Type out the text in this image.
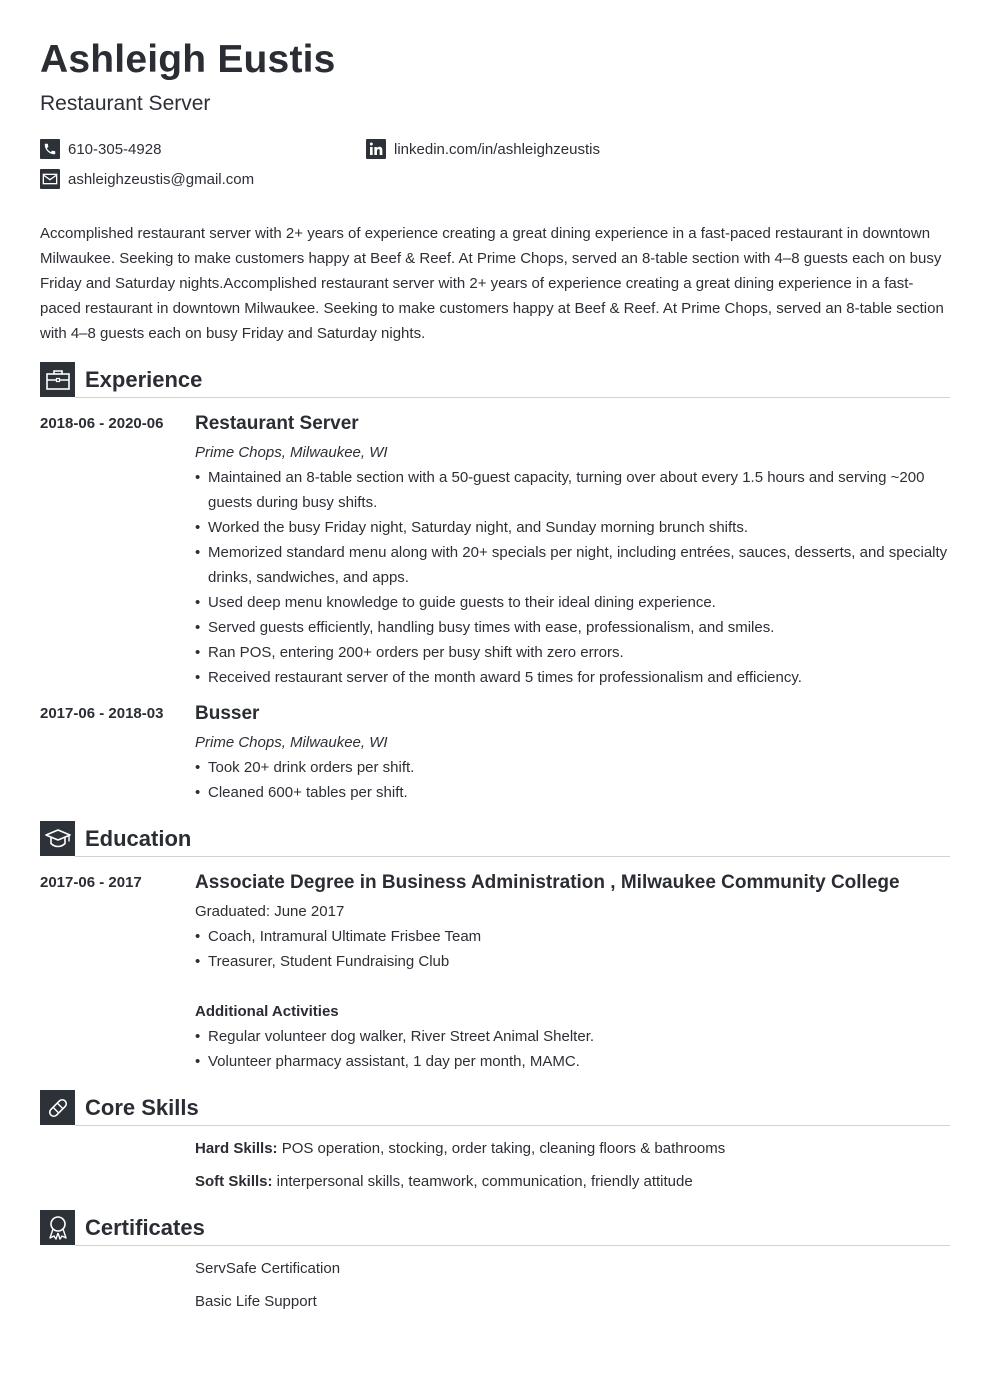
Ashleigh Eustis
Restaurant Server
610-305-4928	linkedin.com/in/ashleighzeustis
ashleighzeustis@gmail.com
Accomplished restaurant server with 2+ years of experience creating a great dining experience in a fast-paced restaurant in downtown Milwaukee. Seeking to make customers happy at Beef & Reef. At Prime Chops, served an 8-table section with 4–8 guests each on busy Friday and Saturday nights.Accomplished restaurant server with 2+ years of experience creating a great dining experience in a fast-paced restaurant in downtown Milwaukee. Seeking to make customers happy at Beef & Reef. At Prime Chops, served an 8-table section with 4–8 guests each on busy Friday and Saturday nights.
Experience
2018-06 - 2020-06 Restaurant Server
Prime Chops, Milwaukee, WI
• Maintained an 8-table section with a 50-guest capacity, turning over about every 1.5 hours and serving ~200 guests during busy shifts.
• Worked the busy Friday night, Saturday night, and Sunday morning brunch shifts.
• Memorized standard menu along with 20+ specials per night, including entrées, sauces, desserts, and specialty drinks, sandwiches, and apps.
• Used deep menu knowledge to guide guests to their ideal dining experience.
• Served guests efficiently, handling busy times with ease, professionalism, and smiles.
• Ran POS, entering 200+ orders per busy shift with zero errors.
• Received restaurant server of the month award 5 times for professionalism and efficiency.
2017-06 - 2018-03 Busser
Prime Chops, Milwaukee, WI
• Took 20+ drink orders per shift.
• Cleaned 600+ tables per shift.
Education
2017-06 - 2017	Associate Degree in Business Administration , Milwaukee Community College
Graduated: June 2017
• Coach, Intramural Ultimate Frisbee Team
• Treasurer, Student Fundraising Club
Additional Activities
• Regular volunteer dog walker, River Street Animal Shelter.
• Volunteer pharmacy assistant, 1 day per month, MAMC.
Core Skills
Hard Skills: POS operation, stocking, order taking, cleaning floors & bathrooms
Soft Skills: interpersonal skills, teamwork, communication, friendly attitude
Certificates
ServSafe Certification
Basic Life Support
